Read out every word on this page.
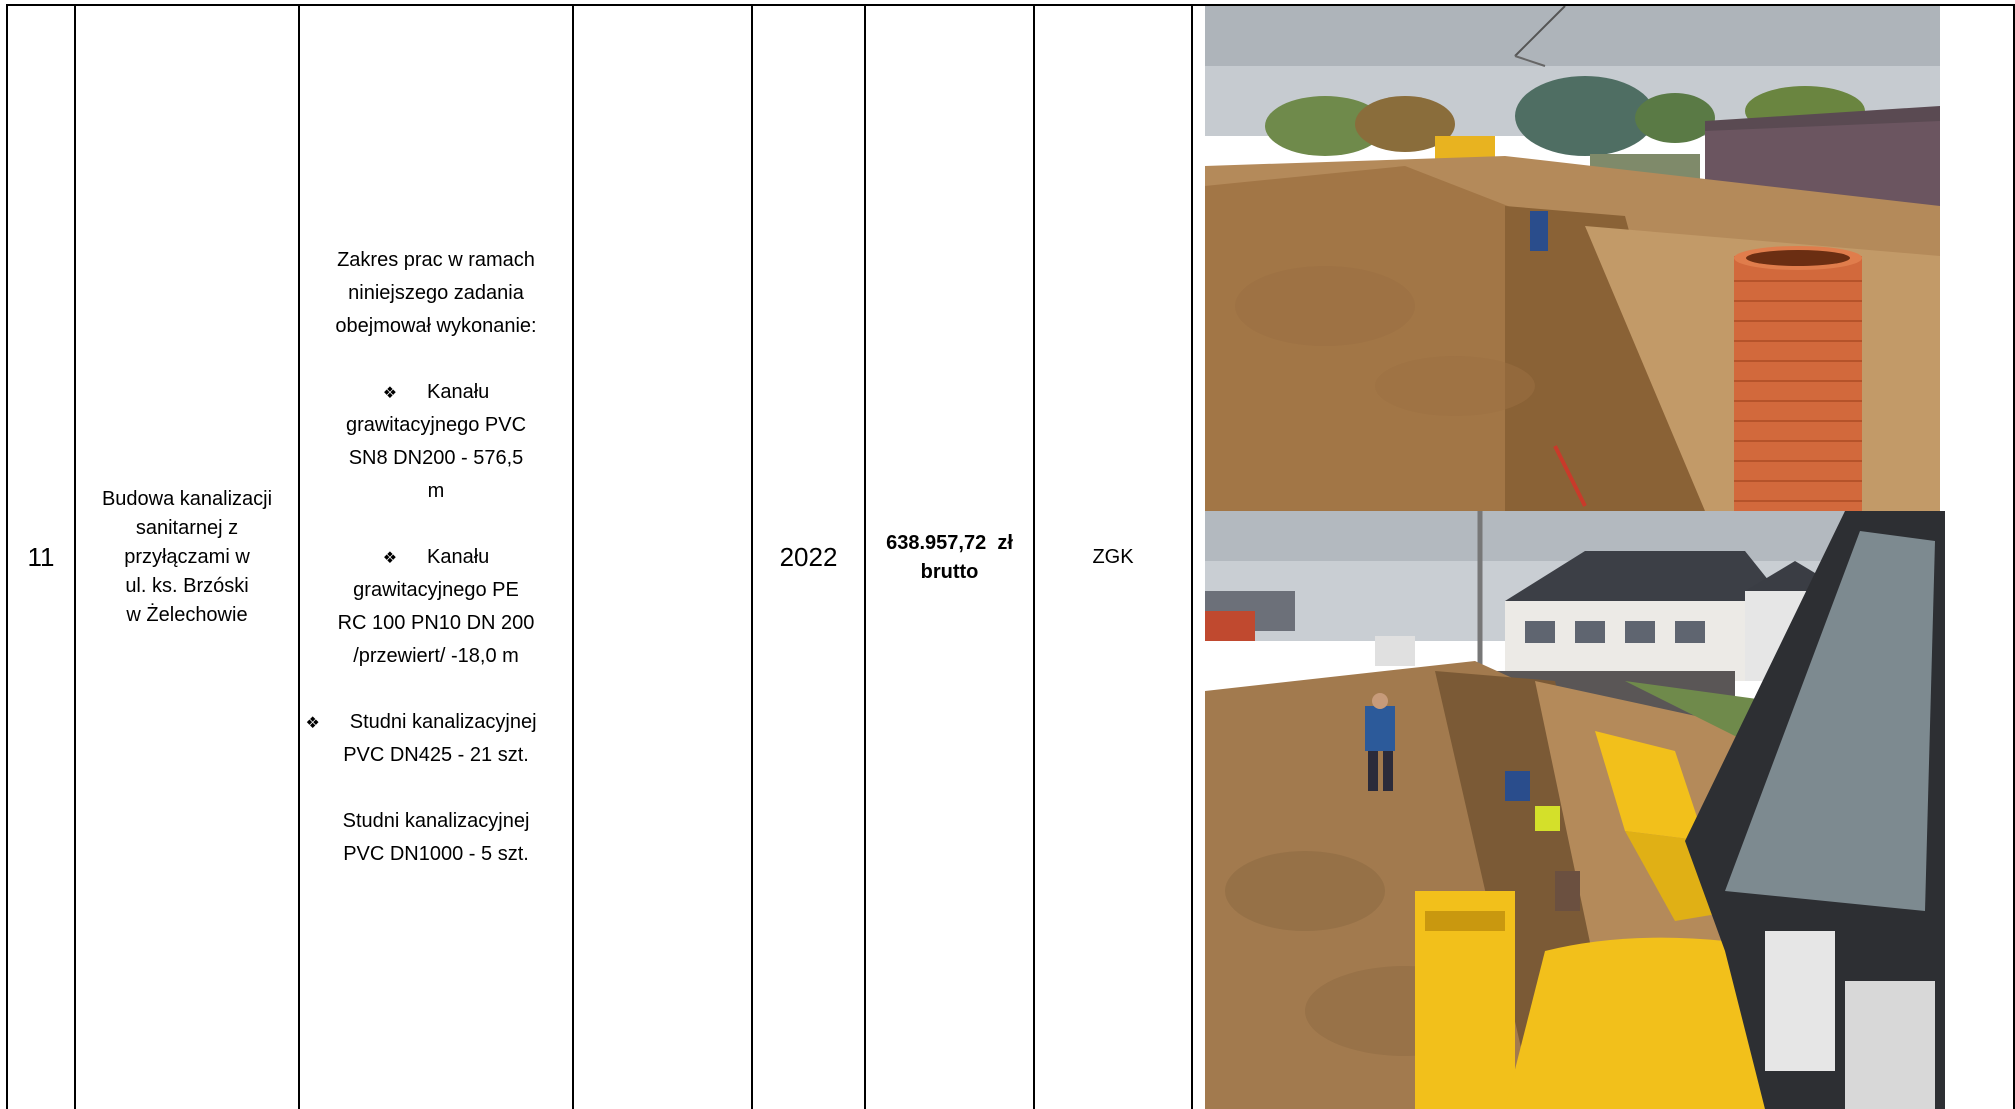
11
Budowa kanalizacji
sanitarnej z
przyłączami w
ul. ks. Brzóski
w Żelechowie

Zakres prac w ramach

niniejszego zadania

obejmował wykonanie:

❖ Kanału

grawitacyjnego PVC

SN8 DN200 - 576,5

m

❖ Kanału

grawitacyjnego PE

RC 100 PN10 DN 200

/przewiert/ -18,0 m

❖ Studni kanalizacyjnej

PVC DN425 - 21 szt.

Studni kanalizacyjnej

PVC DN1000 - 5 szt.

2022	638.957,72  zł
brutto
ZGK
